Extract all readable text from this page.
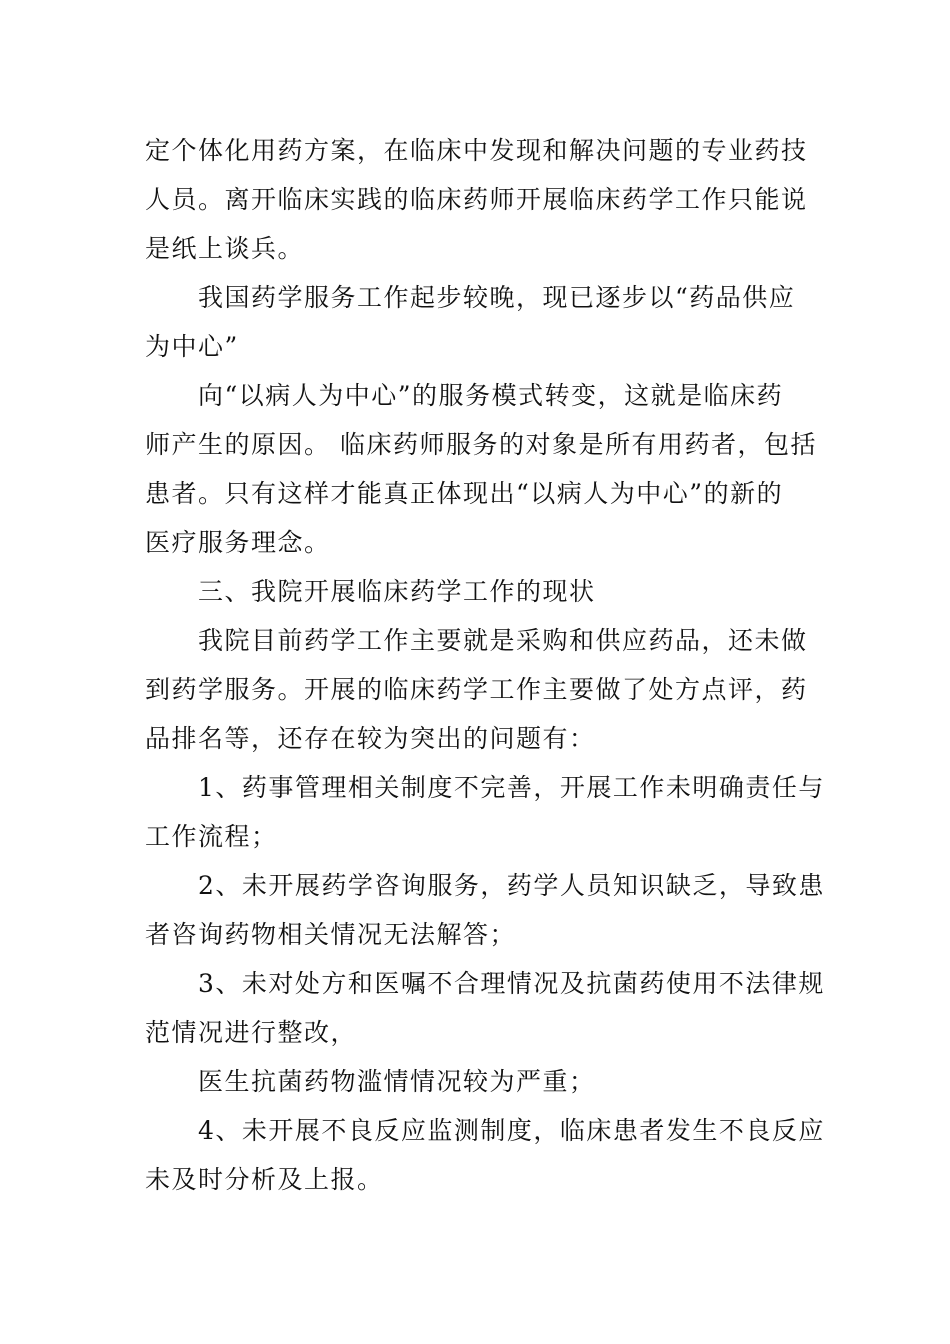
定个体化用药方案，在临床中发现和解决问题的专业药技
人员。离开临床实践的临床药师开展临床药学工作只能说
是纸上谈兵。
　　我国药学服务工作起步较晚，现已逐步以“药品供应
为中心”
　　向“以病人为中心”的服务模式转变，这就是临床药
师产生的原因。 临床药师服务的对象是所有用药者，包括
患者。只有这样才能真正体现出“以病人为中心”的新的
医疗服务理念。
　　三、我院开展临床药学工作的现状
　　我院目前药学工作主要就是采购和供应药品，还未做
到药学服务。开展的临床药学工作主要做了处方点评，药
品排名等，还存在较为突出的问题有：
　　1、药事管理相关制度不完善，开展工作未明确责任与
工作流程；
　　2、未开展药学咨询服务，药学人员知识缺乏，导致患
者咨询药物相关情况无法解答；
　　3、未对处方和医嘱不合理情况及抗菌药使用不法律规
范情况进行整改，
　　医生抗菌药物滥情情况较为严重；
　　4、未开展不良反应监测制度，临床患者发生不良反应
未及时分析及上报。
